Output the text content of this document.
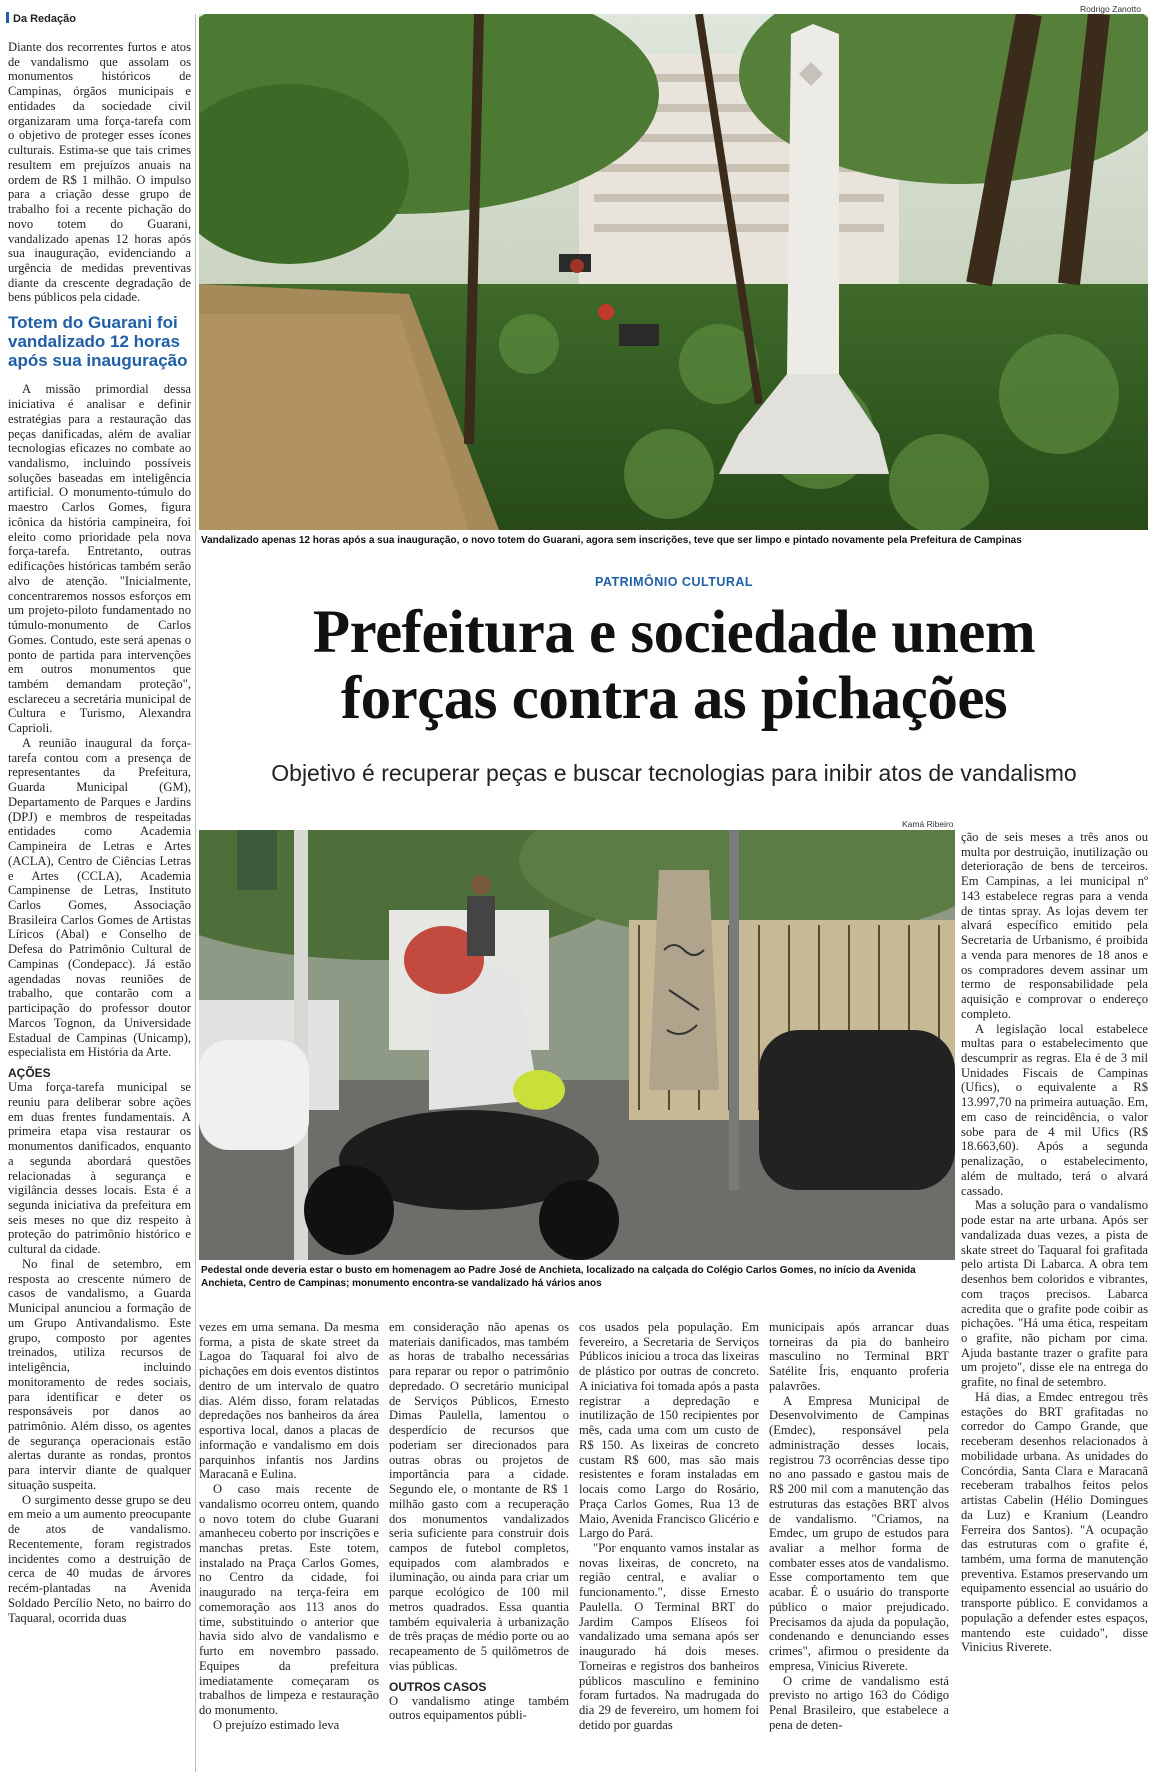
Da Redação

Diante dos recorrentes furtos e atos de vandalismo que assolam os monumentos históricos de Campinas, órgãos municipais e entidades da sociedade civil organizaram uma força-tarefa com o objetivo de proteger esses ícones culturais. Estima-se que tais crimes resultem em prejuízos anuais na ordem de R$ 1 milhão. O impulso para a criação desse grupo de trabalho foi a recente pichação do novo totem do Guarani, vandalizado apenas 12 horas após sua inauguração, evidenciando a urgência de medidas preventivas diante da crescente degradação de bens públicos pela cidade.

Totem do Guarani foi vandalizado 12 horas após sua inauguração

A missão primordial dessa iniciativa é analisar e definir estratégias para a restauração das peças danificadas, além de avaliar tecnologias eficazes no combate ao vandalismo, incluindo possíveis soluções baseadas em inteligência artificial. O monumento-túmulo do maestro Carlos Gomes, figura icônica da história campineira, foi eleito como prioridade pela nova força-tarefa. Entretanto, outras edificações históricas também serão alvo de atenção. "Inicialmente, concentraremos nossos esforços em um projeto-piloto fundamentado no túmulo-monumento de Carlos Gomes. Contudo, este será apenas o ponto de partida para intervenções em outros monumentos que também demandam proteção", esclareceu a secretária municipal de Cultura e Turismo, Alexandra Caprioli.

A reunião inaugural da força-tarefa contou com a presença de representantes da Prefeitura, Guarda Municipal (GM), Departamento de Parques e Jardins (DPJ) e membros de respeitadas entidades como Academia Campineira de Letras e Artes (ACLA), Centro de Ciências Letras e Artes (CCLA), Academia Campinense de Letras, Instituto Carlos Gomes, Associação Brasileira Carlos Gomes de Artistas Líricos (Abal) e Conselho de Defesa do Patrimônio Cultural de Campinas (Condepacc). Já estão agendadas novas reuniões de trabalho, que contarão com a participação do professor doutor Marcos Tognon, da Universidade Estadual de Campinas (Unicamp), especialista em História da Arte.

AÇÕES

Uma força-tarefa municipal se reuniu para deliberar sobre ações em duas frentes fundamentais. A primeira etapa visa restaurar os monumentos danificados, enquanto a segunda abordará questões relacionadas à segurança e vigilância desses locais. Esta é a segunda iniciativa da prefeitura em seis meses no que diz respeito à proteção do patrimônio histórico e cultural da cidade.

No final de setembro, em resposta ao crescente número de casos de vandalismo, a Guarda Municipal anunciou a formação de um Grupo Antivandalismo. Este grupo, composto por agentes treinados, utiliza recursos de inteligência, incluindo monitoramento de redes sociais, para identificar e deter os responsáveis por danos ao patrimônio. Além disso, os agentes de segurança operacionais estão alertas durante as rondas, prontos para intervir diante de qualquer situação suspeita.

O surgimento desse grupo se deu em meio a um aumento preocupante de atos de vandalismo. Recentemente, foram registrados incidentes como a destruição de cerca de 40 mudas de árvores recém-plantadas na Avenida Soldado Percílio Neto, no bairro do Taquaral, ocorrida duas

Rodrigo Zanotto
Vandalizado apenas 12 horas após a sua inauguração, o novo totem do Guarani, agora sem inscrições, teve que ser limpo e pintado novamente pela Prefeitura de Campinas
PATRIMÔNIO CULTURAL
Prefeitura e sociedade unem
forças contra as pichações
Objetivo é recuperar peças e buscar tecnologias para inibir atos de vandalismo
Kamá Ribeiro
Pedestal onde deveria estar o busto em homenagem ao Padre José de Anchieta, localizado na calçada do Colégio Carlos Gomes, no início da Avenida Anchieta, Centro de Campinas; monumento encontra-se vandalizado há vários anos

vezes em uma semana. Da mesma forma, a pista de skate street da Lagoa do Taquaral foi alvo de pichações em dois eventos distintos dentro de um intervalo de quatro dias. Além disso, foram relatadas depredações nos banheiros da área esportiva local, danos a placas de informação e vandalismo em dois parquinhos infantis nos Jardins Maracanã e Eulina.

O caso mais recente de vandalismo ocorreu ontem, quando o novo totem do clube Guarani amanheceu coberto por inscrições e manchas pretas. Este totem, instalado na Praça Carlos Gomes, no Centro da cidade, foi inaugurado na terça-feira em comemoração aos 113 anos do time, substituindo o anterior que havia sido alvo de vandalismo e furto em novembro passado. Equipes da prefeitura imediatamente começaram os trabalhos de limpeza e restauração do monumento.

O prejuízo estimado leva

em consideração não apenas os materiais danificados, mas também as horas de trabalho necessárias para reparar ou repor o patrimônio depredado. O secretário municipal de Serviços Públicos, Ernesto Dimas Paulella, lamentou o desperdício de recursos que poderiam ser direcionados para outras obras ou projetos de importância para a cidade. Segundo ele, o montante de R$ 1 milhão gasto com a recuperação dos monumentos vandalizados seria suficiente para construir dois campos de futebol completos, equipados com alambrados e iluminação, ou ainda para criar um parque ecológico de 100 mil metros quadrados. Essa quantia também equivaleria à urbanização de três praças de médio porte ou ao recapeamento de 5 quilômetros de vias públicas.

OUTROS CASOS

O vandalismo atinge também outros equipamentos públi-

cos usados pela população. Em fevereiro, a Secretaria de Serviços Públicos iniciou a troca das lixeiras de plástico por outras de concreto. A iniciativa foi tomada após a pasta registrar a depredação e inutilização de 150 recipientes por mês, cada uma com um custo de R$ 150. As lixeiras de concreto custam R$ 600, mas são mais resistentes e foram instaladas em locais como Largo do Rosário, Praça Carlos Gomes, Rua 13 de Maio, Avenida Francisco Glicério e Largo do Pará.

"Por enquanto vamos instalar as novas lixeiras, de concreto, na região central, e avaliar o funcionamento.", disse Ernesto Paulella. O Terminal BRT do Jardim Campos Elíseos foi vandalizado uma semana após ser inaugurado há dois meses. Torneiras e registros dos banheiros públicos masculino e feminino foram furtados. Na madrugada do dia 29 de fevereiro, um homem foi detido por guardas

municipais após arrancar duas torneiras da pia do banheiro masculino no Terminal BRT Satélite Íris, enquanto proferia palavrões.

A Empresa Municipal de Desenvolvimento de Campinas (Emdec), responsável pela administração desses locais, registrou 73 ocorrências desse tipo no ano passado e gastou mais de R$ 200 mil com a manutenção das estruturas das estações BRT alvos de vandalismo. "Criamos, na Emdec, um grupo de estudos para avaliar a melhor forma de combater esses atos de vandalismo. Esse comportamento tem que acabar. É o usuário do transporte público o maior prejudicado. Precisamos da ajuda da população, condenando e denunciando esses crimes", afirmou o presidente da empresa, Vinicius Riverete.

O crime de vandalismo está previsto no artigo 163 do Código Penal Brasileiro, que estabelece a pena de deten-

ção de seis meses a três anos ou multa por destruição, inutilização ou deterioração de bens de terceiros. Em Campinas, a lei municipal nº 143 estabelece regras para a venda de tintas spray. As lojas devem ter alvará específico emitido pela Secretaria de Urbanismo, é proibida a venda para menores de 18 anos e os compradores devem assinar um termo de responsabilidade pela aquisição e comprovar o endereço completo.

A legislação local estabelece multas para o estabelecimento que descumprir as regras. Ela é de 3 mil Unidades Fiscais de Campinas (Ufics), o equivalente a R$ 13.997,70 na primeira autuação. Em, em caso de reincidência, o valor sobe para de 4 mil Ufics (R$ 18.663,60). Após a segunda penalização, o estabelecimento, além de multado, terá o alvará cassado.

Mas a solução para o vandalismo pode estar na arte urbana. Após ser vandalizada duas vezes, a pista de skate street do Taquaral foi grafitada pelo artista Di Labarca. A obra tem desenhos bem coloridos e vibrantes, com traços precisos. Labarca acredita que o grafite pode coibir as pichações. "Há uma ética, respeitam o grafite, não picham por cima. Ajuda bastante trazer o grafite para um projeto", disse ele na entrega do grafite, no final de setembro.

Há dias, a Emdec entregou três estações do BRT grafitadas no corredor do Campo Grande, que receberam desenhos relacionados à mobilidade urbana. As unidades do Concórdia, Santa Clara e Maracanã receberam trabalhos feitos pelos artistas Cabelin (Hélio Domingues da Luz) e Kranium (Leandro Ferreira dos Santos). "A ocupação das estruturas com o grafite é, também, uma forma de manutenção preventiva. Estamos preservando um equipamento essencial ao usuário do transporte público. E convidamos a população a defender estes espaços, mantendo este cuidado", disse Vinicius Riverete.
